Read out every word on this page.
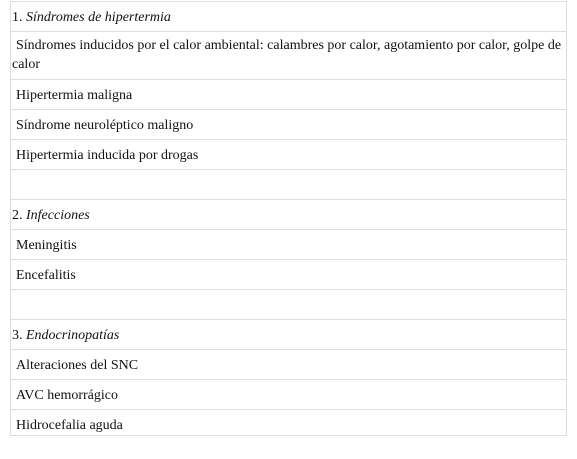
1. Síndromes de hipertermia
Síndromes inducidos por el calor ambiental: calambres por calor, agotamiento por calor, golpe de calor
Hipertermia maligna
Síndrome neuroléptico maligno
Hipertermia inducida por drogas

2. Infecciones
Meningitis
Encefalitis

3. Endocrinopatías
Alteraciones del SNC
AVC hemorrágico
Hidrocefalia aguda
